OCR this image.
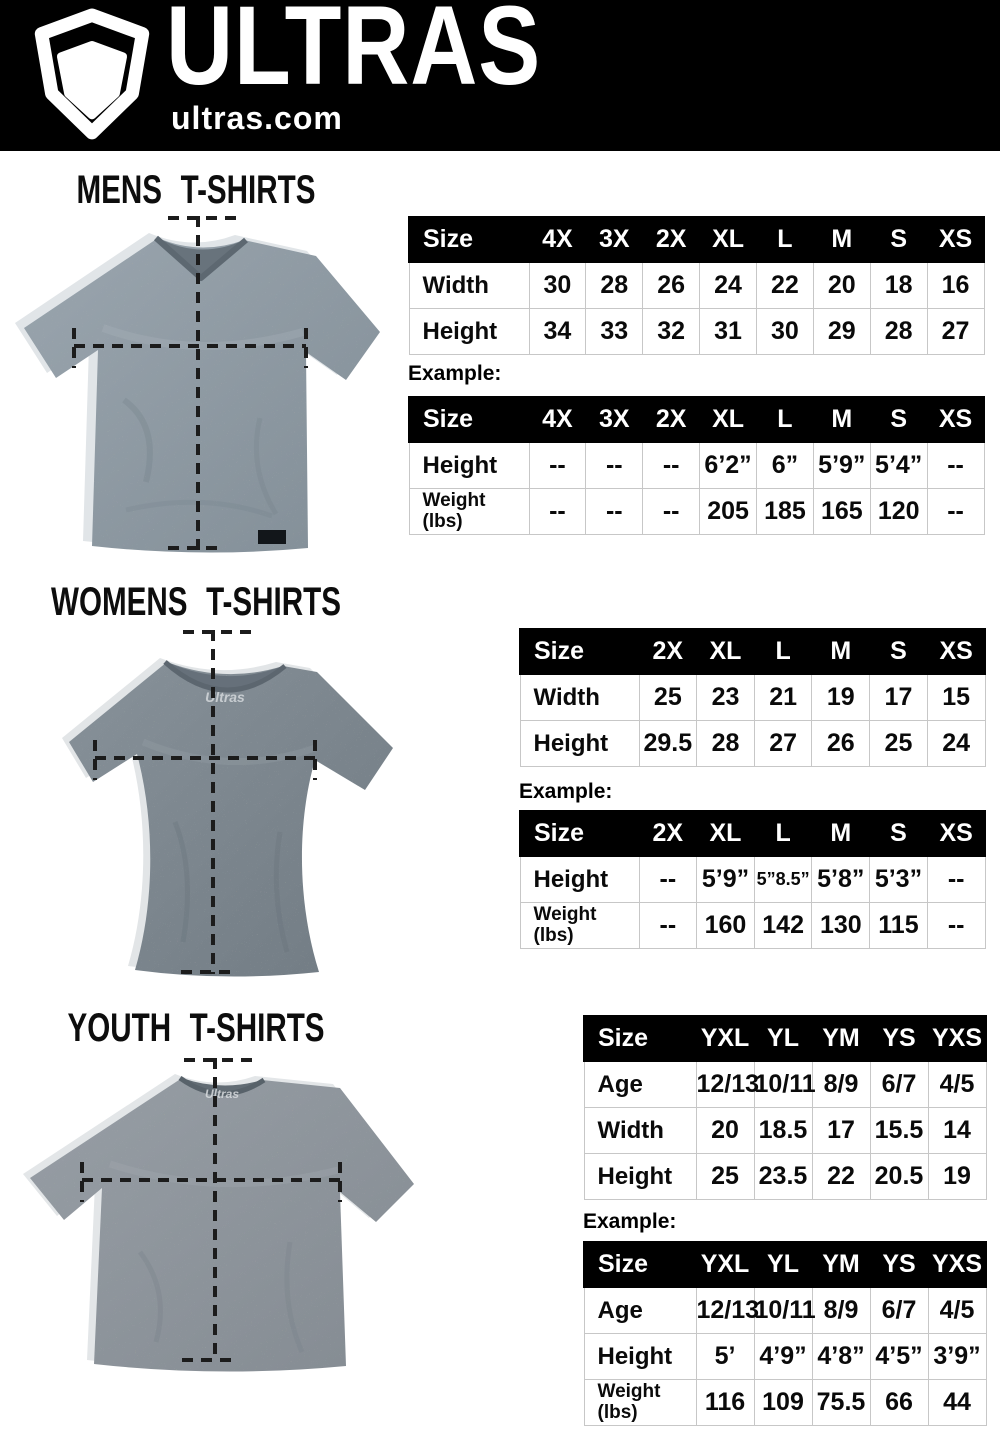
ULTRAS
ultras.com
MENS T-SHIRTS
Size	4X	3X	2X	XL	L	M	S	XS
Width	30	28	26	24	22	20	18	16
Height	34	33	32	31	30	29	28	27
Example:
Size	4X	3X	2X	XL	L	M	S	XS
Height	--	--	--	6’2”	6”	5’9”	5’4”	--

Weight
(lbs)	--	--	--	205	185	165	120	--
WOMENS T-SHIRTS
Ultras
Size	2X	XL	L	M	S	XS
Width	25	23	21	19	17	15
Height	29.5	28	27	26	25	24
Example:
Size	2X	XL	L	M	S	XS
Height	--	5’9”	5”8.5”	5’8”	5’3”	--

Weight
(lbs)	--	160	142	130	115	--
YOUTH T-SHIRTS
Ultras
Size	YXL	YL	YM	YS	YXS
Age	12/13	10/11	8/9	6/7	4/5
Width	20	18.5	17	15.5	14
Height	25	23.5	22	20.5	19
Example:
Size	YXL	YL	YM	YS	YXS
Age	12/13	10/11	8/9	6/7	4/5
Height	5’	4’9”	4’8”	4’5”	3’9”

Weight
(lbs)	116	109	75.5	66	44
